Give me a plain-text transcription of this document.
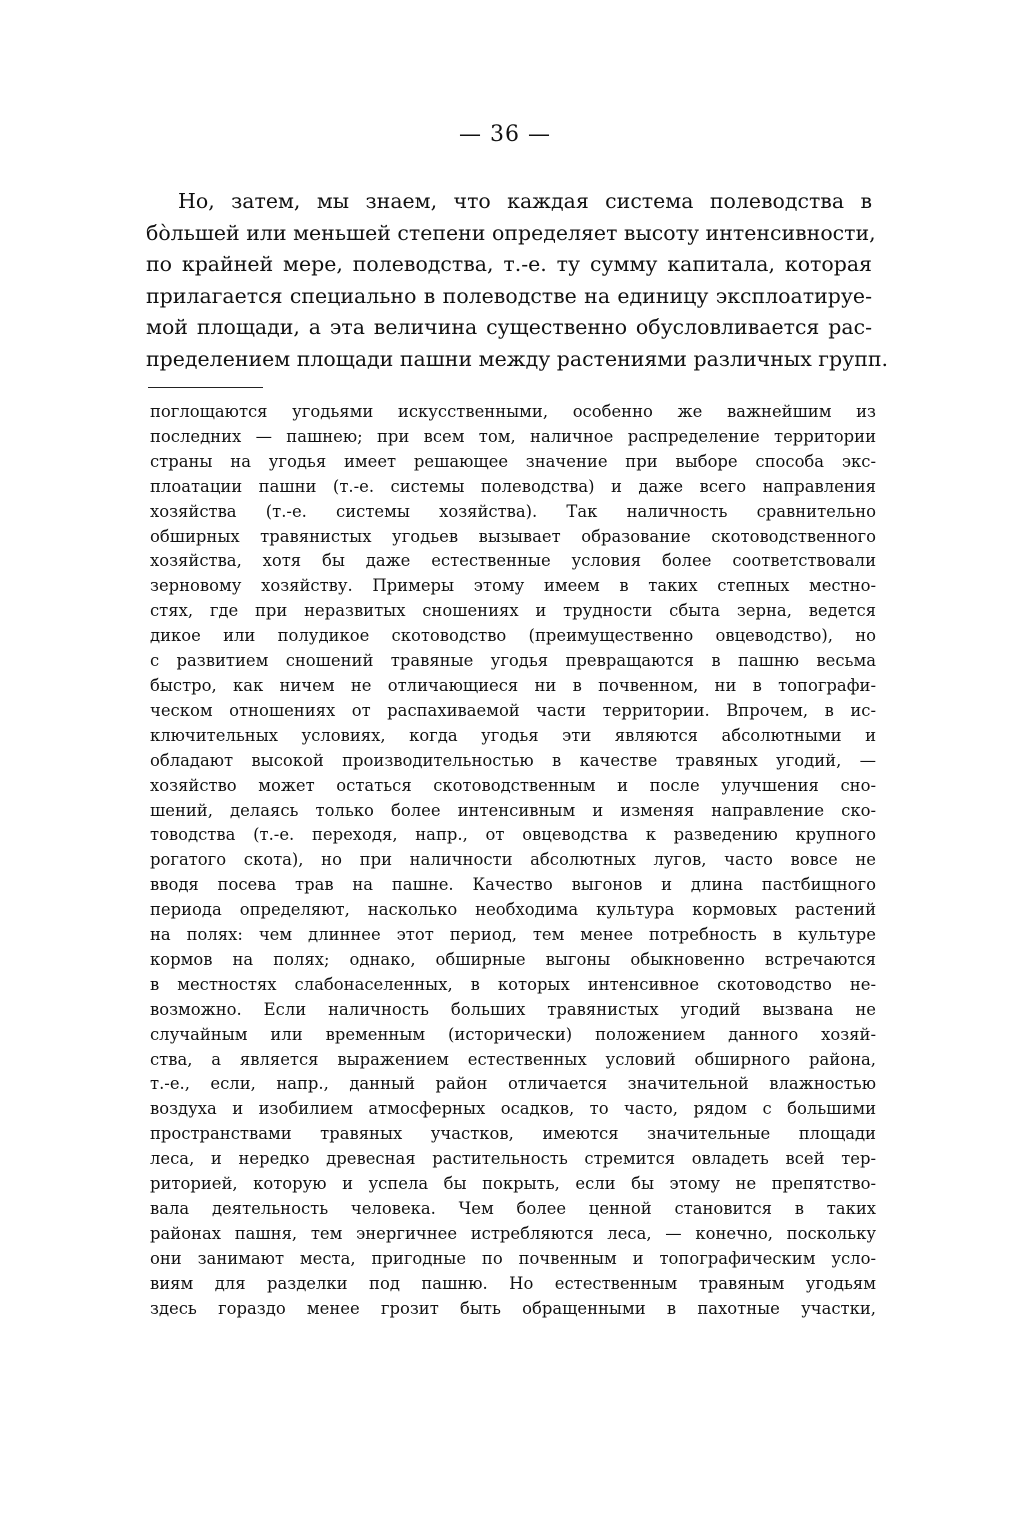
— 36 —
Но, затем, мы знаем, что каждая система полеводства в
бо̀льшей или меньшей степени определяет высоту интенсивности,
по крайней мере, полеводства, т.-е. ту сумму капитала, которая
прилагается специально в полеводстве на единицу эксплоатируе-
мой площади, а эта величина существенно обусловливается рас-
пределением площади пашни между растениями различных групп.
поглощаются угодьями искусственными, особенно же важнейшим из
последних — пашнею; при всем том, наличное распределение территории
страны на угодья имеет решающее значение при выборе способа экс-
плоатации пашни (т.-е. системы полеводства) и даже всего направления
хозяйства (т.-е. системы хозяйства). Так наличность сравнительно
обширных травянистых угодьев вызывает образование скотоводственного
хозяйства, хотя бы даже естественные условия более соответствовали
зерновому хозяйству. Примеры этому имеем в таких степных местно-
стях, где при неразвитых сношениях и трудности сбыта зерна, ведется
дикое или полудикое скотоводство (преимущественно овцеводство), но
с развитием сношений травяные угодья превращаются в пашню весьма
быстро, как ничем не отличающиеся ни в почвенном, ни в топографи-
ческом отношениях от распахиваемой части территории. Впрочем, в ис-
ключительных условиях, когда угодья эти являются абсолютными и
обладают высокой производительностью в качестве травяных угодий, —
хозяйство может остаться скотоводственным и после улучшения сно-
шений, делаясь только более интенсивным и изменяя направление ско-
товодства (т.-е. переходя, напр., от овцеводства к разведению крупного
рогатого скота), но при наличности абсолютных лугов, часто вовсе не
вводя посева трав на пашне. Качество выгонов и длина пастбищного
периода определяют, насколько необходима культура кормовых растений
на полях: чем длиннее этот период, тем менее потребность в культуре
кормов на полях; однако, обширные выгоны обыкновенно встречаются
в местностях слабонаселенных, в которых интенсивное скотоводство не-
возможно. Если наличность больших травянистых угодий вызвана не
случайным или временным (исторически) положением данного хозяй-
ства, а является выражением естественных условий обширного района,
т.-е., если, напр., данный район отличается значительной влажностью
воздуха и изобилием атмосферных осадков, то часто, рядом с большими
пространствами травяных участков, имеются значительные площади
леса, и нередко древесная растительность стремится овладеть всей тер-
риторией, которую и успела бы покрыть, если бы этому не препятство-
вала деятельность человека. Чем более ценной становится в таких
районах пашня, тем энергичнее истребляются леса, — конечно, поскольку
они занимают места, пригодные по почвенным и топографическим усло-
виям для разделки под пашню. Но естественным травяным угодьям
здесь гораздо менее грозит быть обращенными в пахотные участки,
